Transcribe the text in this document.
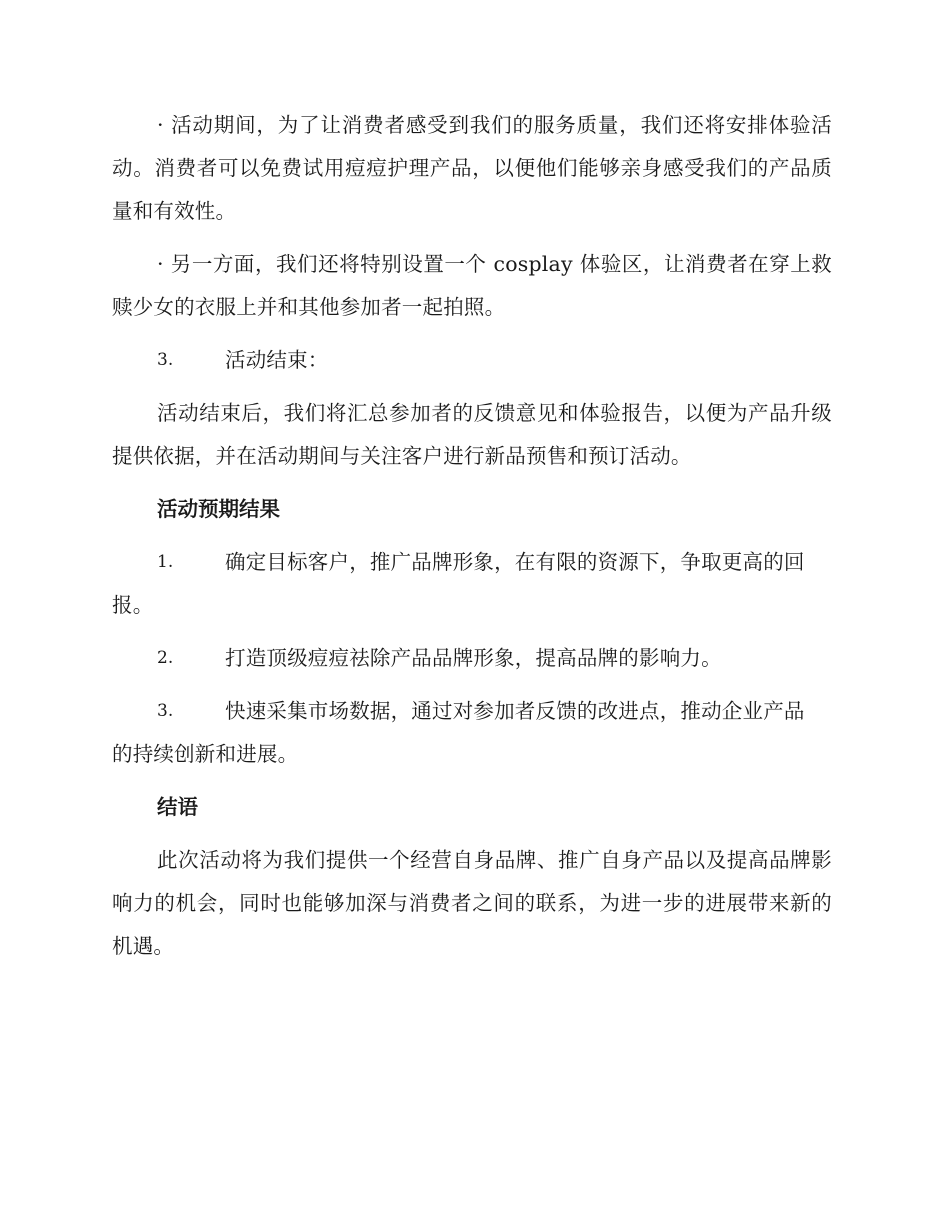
· 活动期间，为了让消费者感受到我们的服务质量，我们还将安排体验活动。消费者可以免费试用痘痘护理产品，以便他们能够亲身感受我们的产品质量和有效性。

· 另一方面，我们还将特别设置一个 cosplay 体验区，让消费者在穿上救赎少女的衣服上并和其他参加者一起拍照。

3.	活动结束：

活动结束后，我们将汇总参加者的反馈意见和体验报告，以便为产品升级提供依据，并在活动期间与关注客户进行新品预售和预订活动。

活动预期结果

1.	确定目标客户，推广品牌形象，在有限的资源下，争取更高的回

报。

2.	打造顶级痘痘祛除产品品牌形象，提高品牌的影响力。
3.	快速采集市场数据，通过对参加者反馈的改进点，推动企业产品

的持续创新和进展。

结语

此次活动将为我们提供一个经营自身品牌、推广自身产品以及提高品牌影响力的机会，同时也能够加深与消费者之间的联系，为进一步的进展带来新的机遇。
